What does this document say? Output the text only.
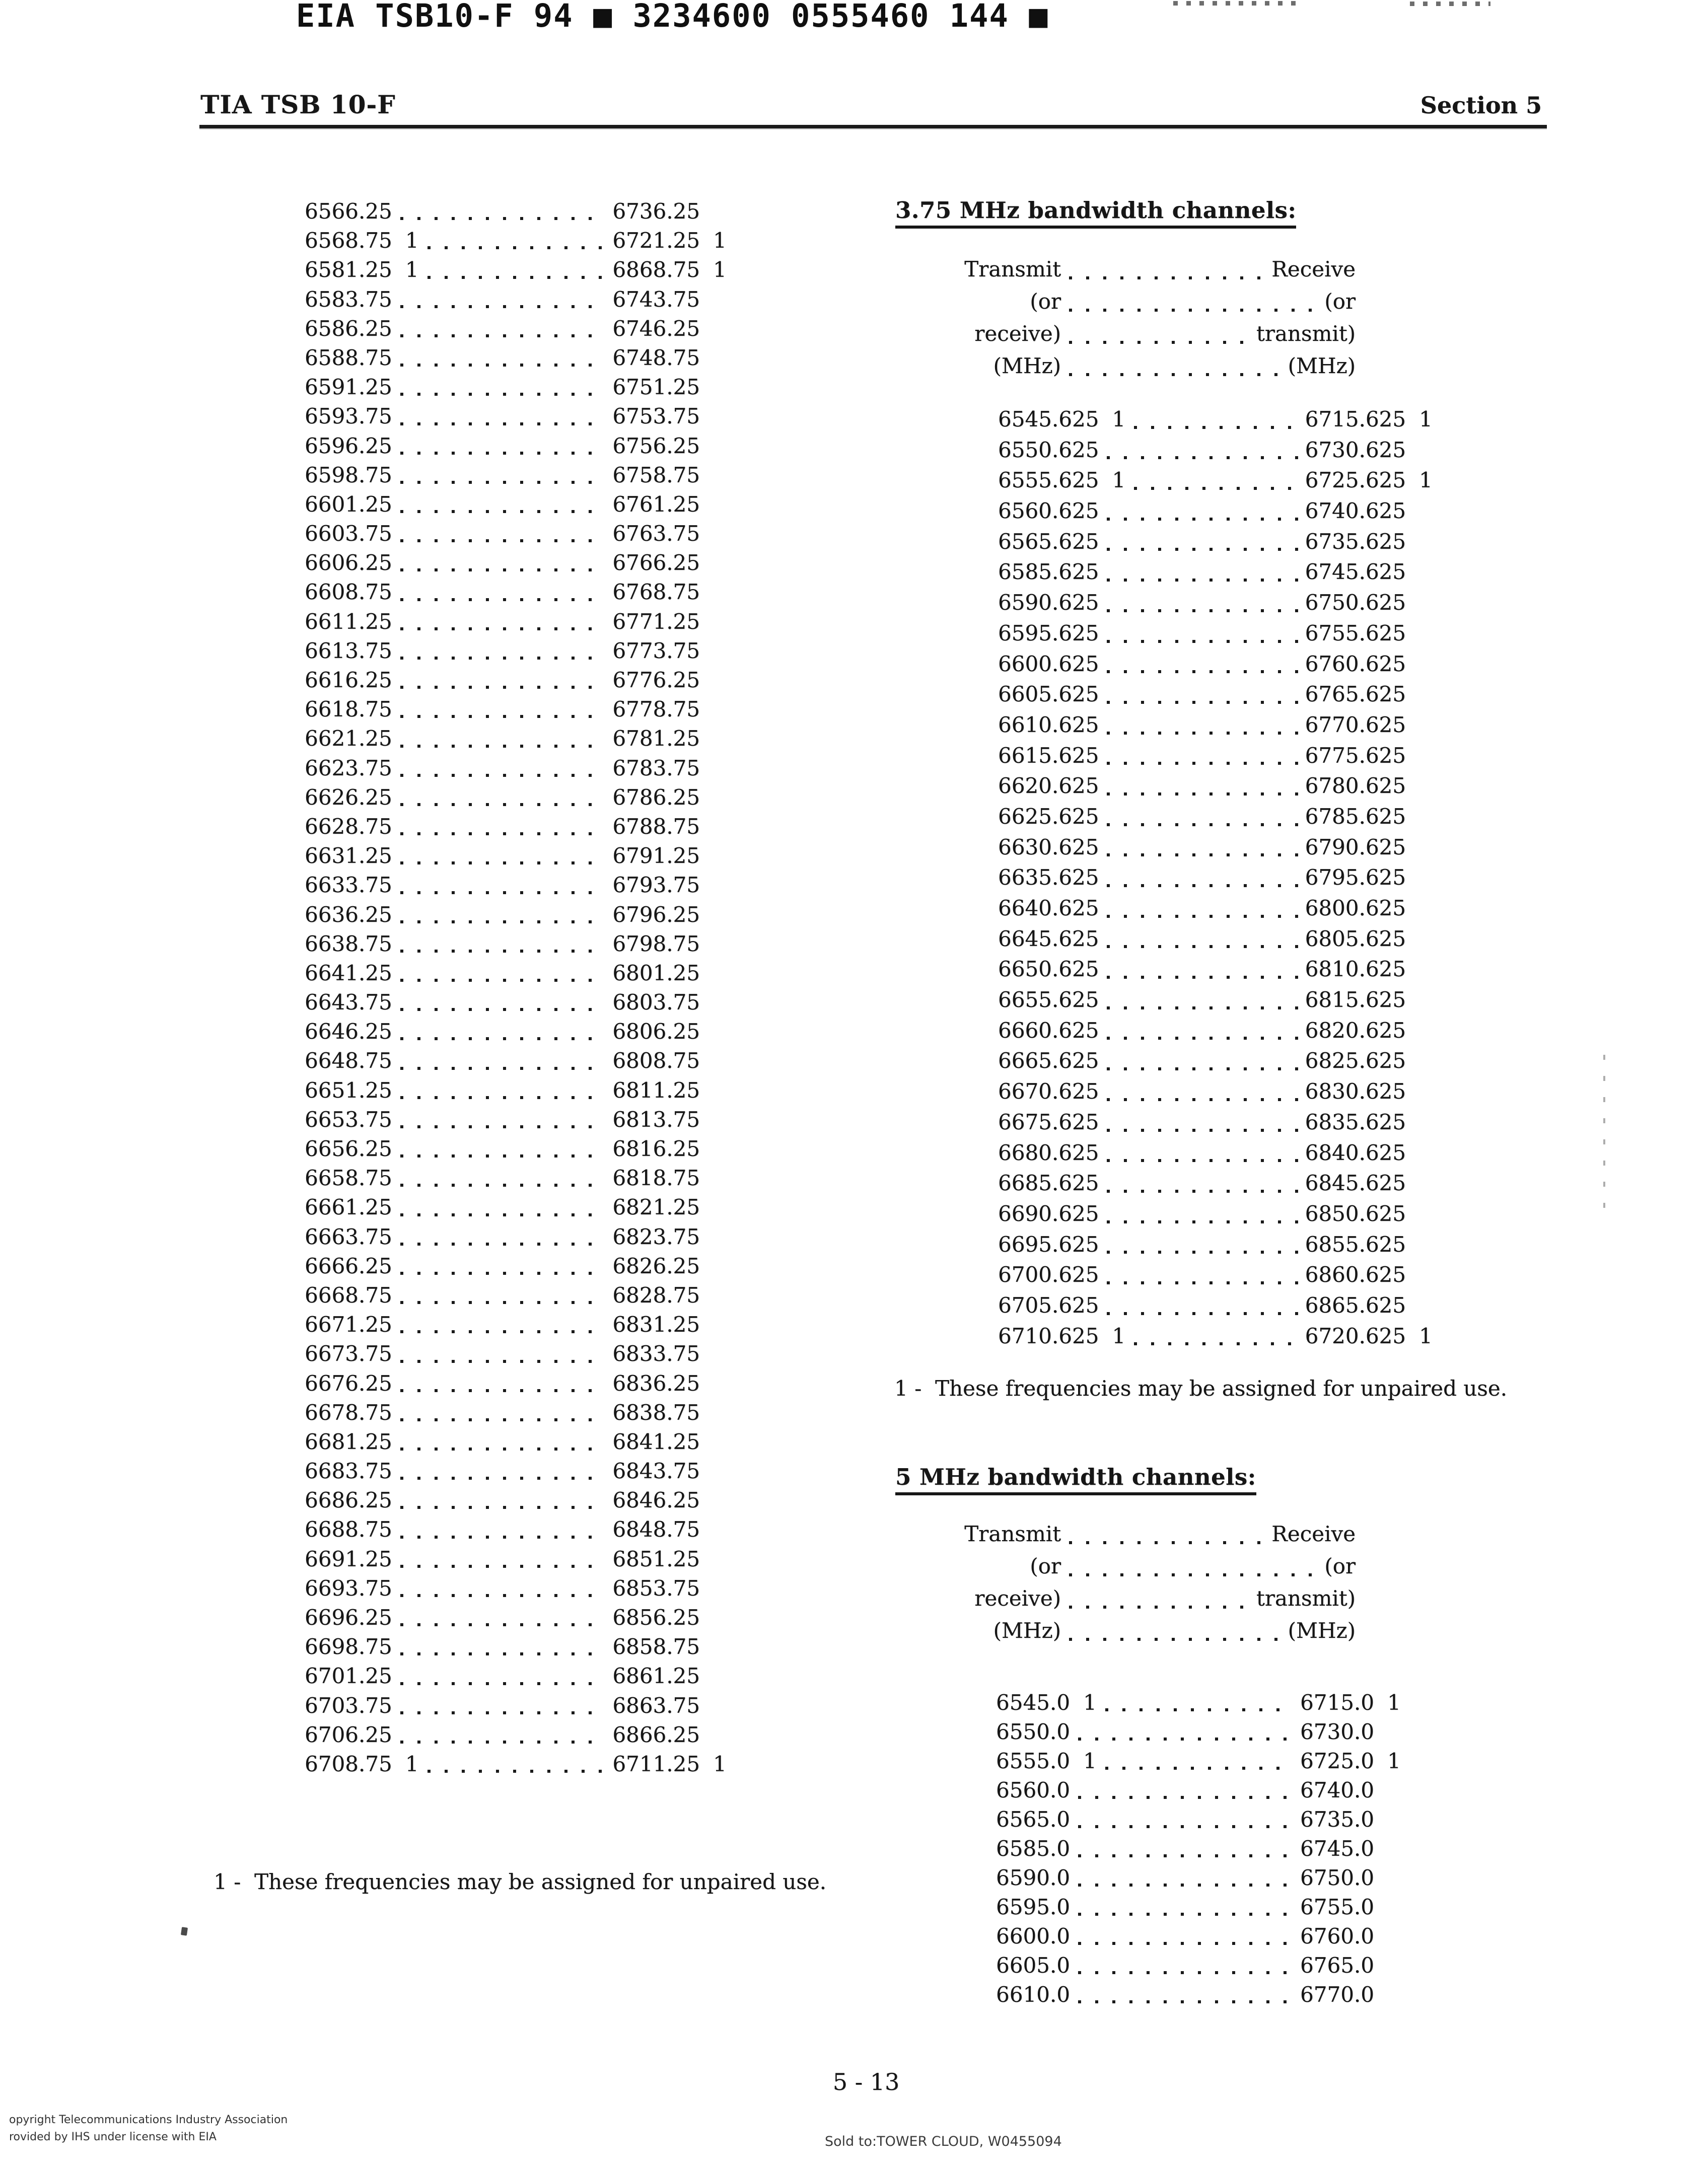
EIA TSB10-F 94 ■ 3234600 0555460 144 ■
TIA TSB 10-F	Section 5
6566.25	6736.25
6568.75 1	6721.25 1
6581.25 1	6868.75 1
6583.75	6743.75
6586.25	6746.25
6588.75	6748.75
6591.25	6751.25
6593.75	6753.75
6596.25	6756.25
6598.75	6758.75
6601.25	6761.25
6603.75	6763.75
6606.25	6766.25
6608.75	6768.75
6611.25	6771.25
6613.75	6773.75
6616.25	6776.25
6618.75	6778.75
6621.25	6781.25
6623.75	6783.75
6626.25	6786.25
6628.75	6788.75
6631.25	6791.25
6633.75	6793.75
6636.25	6796.25
6638.75	6798.75
6641.25	6801.25
6643.75	6803.75
6646.25	6806.25
6648.75	6808.75
6651.25	6811.25
6653.75	6813.75
6656.25	6816.25
6658.75	6818.75
6661.25	6821.25
6663.75	6823.75
6666.25	6826.25
6668.75	6828.75
6671.25	6831.25
6673.75	6833.75
6676.25	6836.25
6678.75	6838.75
6681.25	6841.25
6683.75	6843.75
6686.25	6846.25
6688.75	6848.75
6691.25	6851.25
6693.75	6853.75
6696.25	6856.25
6698.75	6858.75
6701.25	6861.25
6703.75	6863.75
6706.25	6866.25
6708.75 1	6711.25 1
1 -  These frequencies may be assigned for unpaired use.
3.75 MHz bandwidth channels:
Transmit	Receive
(or	(or
receive)	transmit)
(MHz)	(MHz)
6545.625 1	6715.625 1
6550.625	6730.625
6555.625 1	6725.625 1
6560.625	6740.625
6565.625	6735.625
6585.625	6745.625
6590.625	6750.625
6595.625	6755.625
6600.625	6760.625
6605.625	6765.625
6610.625	6770.625
6615.625	6775.625
6620.625	6780.625
6625.625	6785.625
6630.625	6790.625
6635.625	6795.625
6640.625	6800.625
6645.625	6805.625
6650.625	6810.625
6655.625	6815.625
6660.625	6820.625
6665.625	6825.625
6670.625	6830.625
6675.625	6835.625
6680.625	6840.625
6685.625	6845.625
6690.625	6850.625
6695.625	6855.625
6700.625	6860.625
6705.625	6865.625
6710.625 1	6720.625 1
1 -  These frequencies may be assigned for unpaired use.
5 MHz bandwidth channels:
Transmit	Receive
(or	(or
receive)	transmit)
(MHz)	(MHz)
6545.0 1	6715.0 1
6550.0	6730.0
6555.0 1	6725.0 1
6560.0	6740.0
6565.0	6735.0
6585.0	6745.0
6590.0	6750.0
6595.0	6755.0
6600.0	6760.0
6605.0	6765.0
6610.0	6770.0
5 - 13
opyright Telecommunications Industry Association
rovided by IHS under license with EIA	Sold to:TOWER CLOUD, W0455094
